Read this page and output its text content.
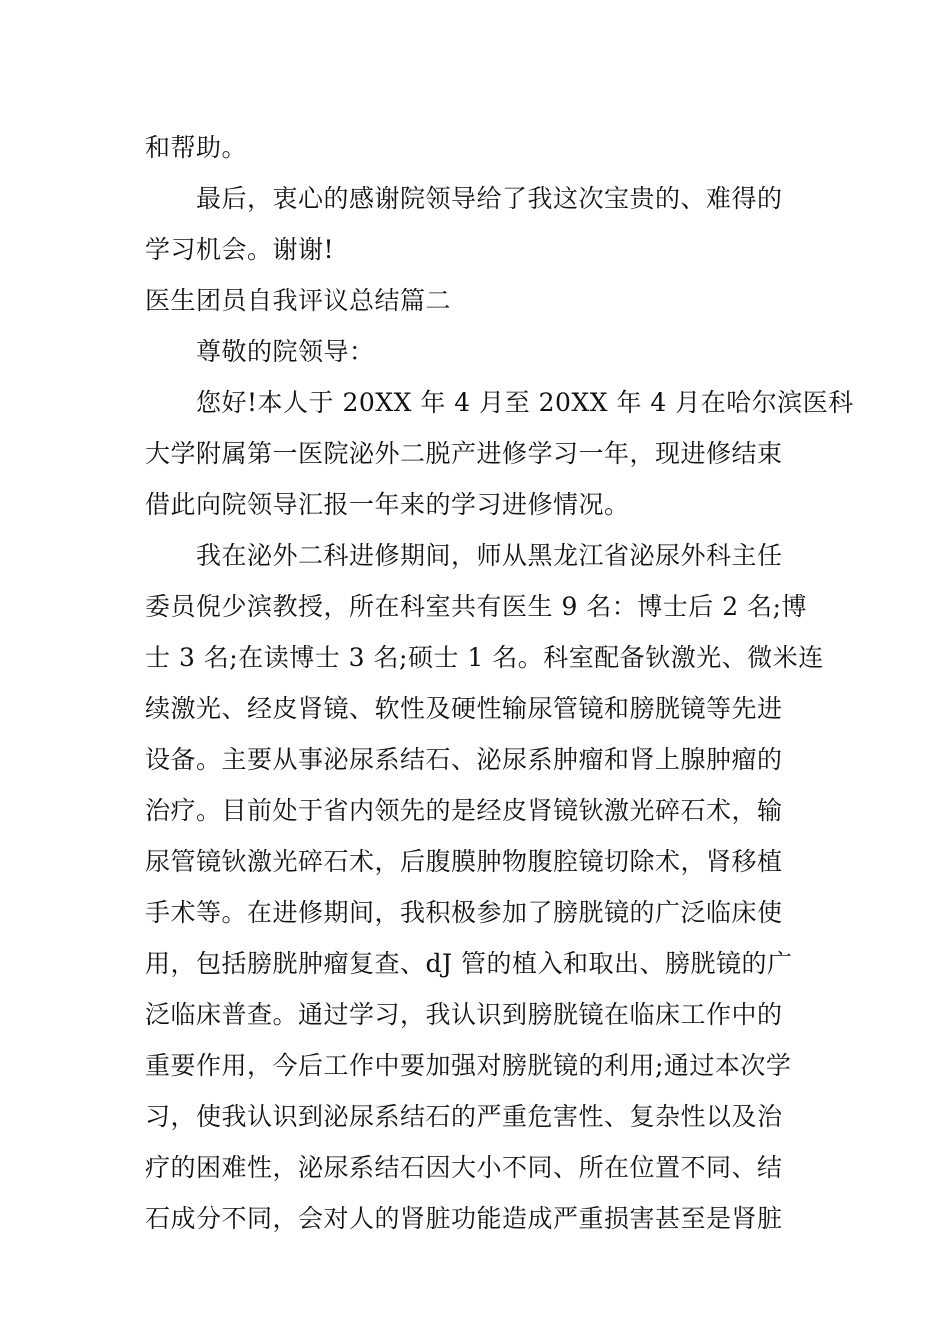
和帮助。
最后，衷心的感谢院领导给了我这次宝贵的、难得的
学习机会。谢谢!
医生团员自我评议总结篇二
尊敬的院领导：
您好!本人于 20XX 年 4 月至 20XX 年 4 月在哈尔滨医科
大学附属第一医院泌外二脱产进修学习一年，现进修结束
借此向院领导汇报一年来的学习进修情况。
我在泌外二科进修期间，师从黑龙江省泌尿外科主任
委员倪少滨教授，所在科室共有医生 9 名：博士后 2 名;博
士 3 名;在读博士 3 名;硕士 1 名。科室配备钬激光、微米连
续激光、经皮肾镜、软性及硬性输尿管镜和膀胱镜等先进
设备。主要从事泌尿系结石、泌尿系肿瘤和肾上腺肿瘤的
治疗。目前处于省内领先的是经皮肾镜钬激光碎石术，输
尿管镜钬激光碎石术，后腹膜肿物腹腔镜切除术，肾移植
手术等。在进修期间，我积极参加了膀胱镜的广泛临床使
用，包括膀胱肿瘤复查、dJ 管的植入和取出、膀胱镜的广
泛临床普查。通过学习，我认识到膀胱镜在临床工作中的
重要作用，今后工作中要加强对膀胱镜的利用;通过本次学
习，使我认识到泌尿系结石的严重危害性、复杂性以及治
疗的困难性，泌尿系结石因大小不同、所在位置不同、结
石成分不同，会对人的肾脏功能造成严重损害甚至是肾脏
